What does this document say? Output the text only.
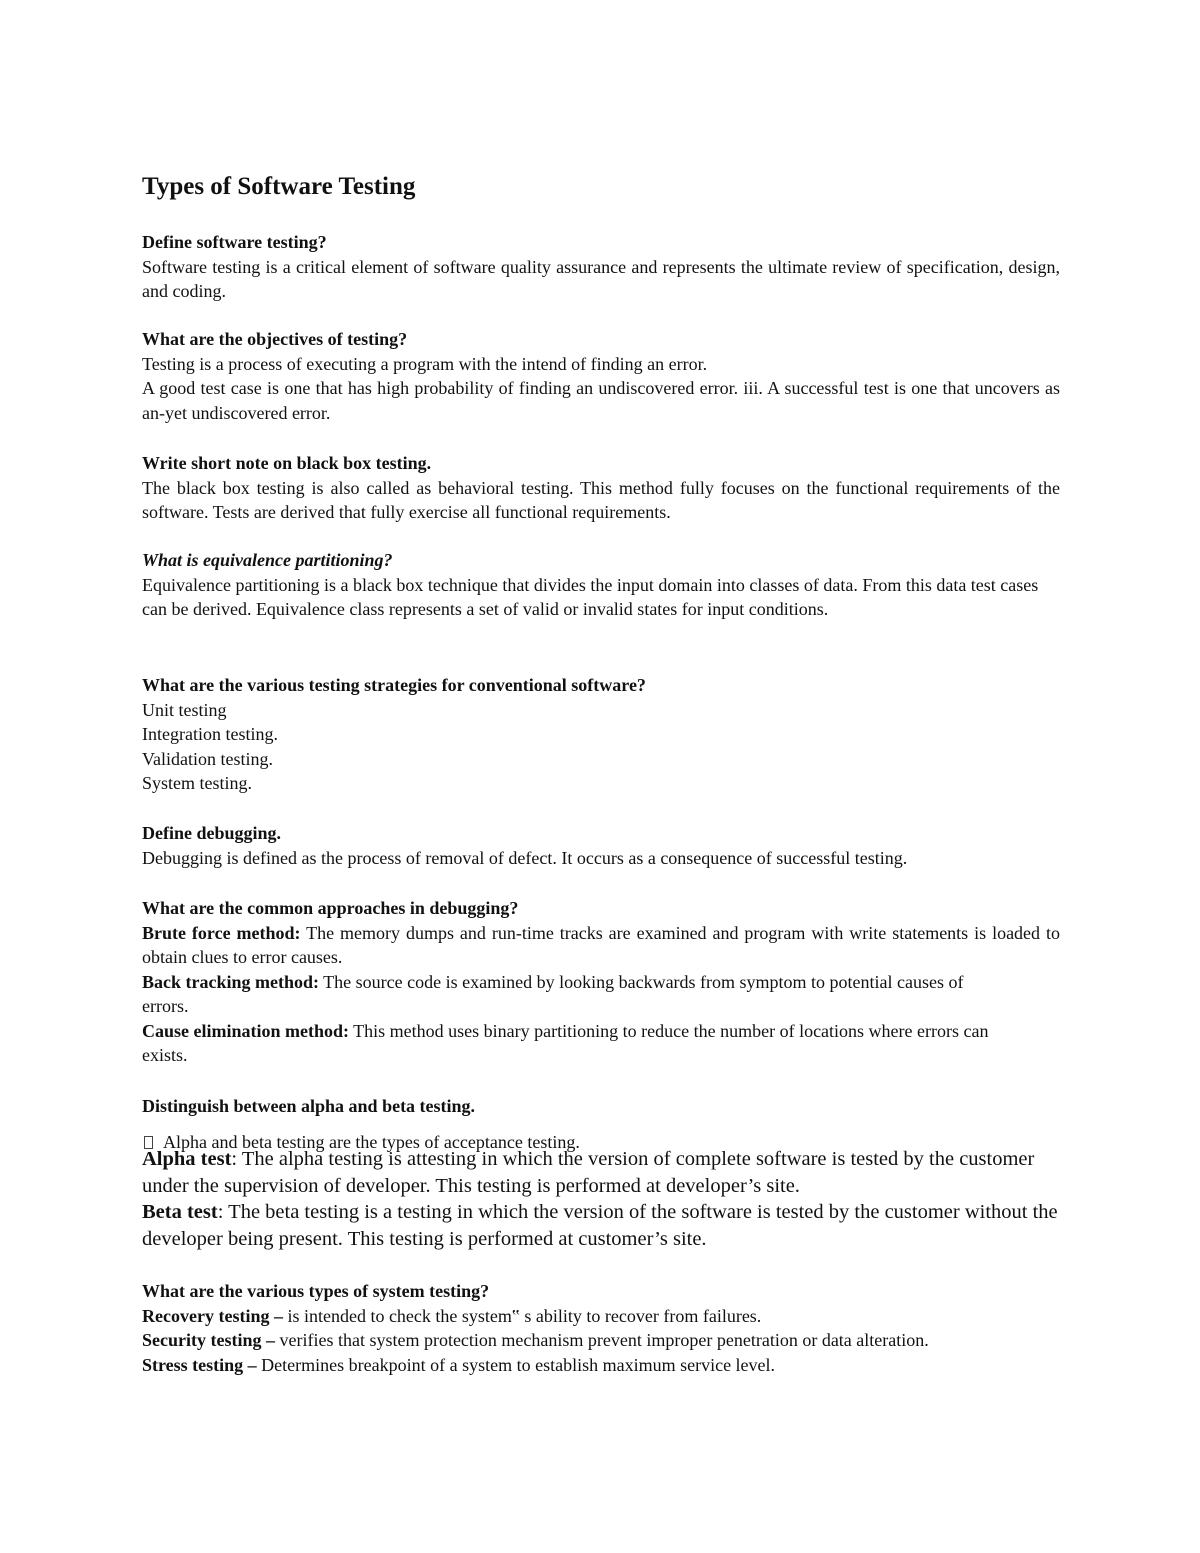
Types of Software Testing

Define software testing?

Software testing is a critical element of software quality assurance and represents the ultimate review of specification, design, and coding.

What are the objectives of testing?

Testing is a process of executing a program with the intend of finding an error.

A good test case is one that has high probability of finding an undiscovered error. iii. A successful test is one that uncovers as an-yet undiscovered error.

Write short note on black box testing.

The black box testing is also called as behavioral testing. This method fully focuses on the functional requirements of the software. Tests are derived that fully exercise all functional requirements.

What is equivalence partitioning?

Equivalence partitioning is a black box technique that divides the input domain into classes of data. From this data test cases can be derived. Equivalence class represents a set of valid or invalid states for input conditions.

What are the various testing strategies for conventional software?

Unit testing

Integration testing.

Validation testing.

System testing.

Define debugging.

Debugging is defined as the process of removal of defect. It occurs as a consequence of successful testing.

What are the common approaches in debugging?

Brute force method: The memory dumps and run-time tracks are examined and program with write statements is loaded to obtain clues to error causes.

Back tracking method: The source code is examined by looking backwards from symptom to potential causes of errors.

Cause elimination method: This method uses binary partitioning to reduce the number of locations where errors can exists.

Distinguish between alpha and beta testing.

Alpha and beta testing are the types of acceptance testing.

Alpha test: The alpha testing is attesting in which the version of complete software is tested by the customer under the supervision of developer. This testing is performed at developer’s site.

Beta test: The beta testing is a testing in which the version of the software is tested by the customer without the developer being present. This testing is performed at customer’s site.

What are the various types of system testing?

Recovery testing – is intended to check the system‟ s ability to recover from failures.

Security testing – verifies that system protection mechanism prevent improper penetration or data alteration.

Stress testing – Determines breakpoint of a system to establish maximum service level.
